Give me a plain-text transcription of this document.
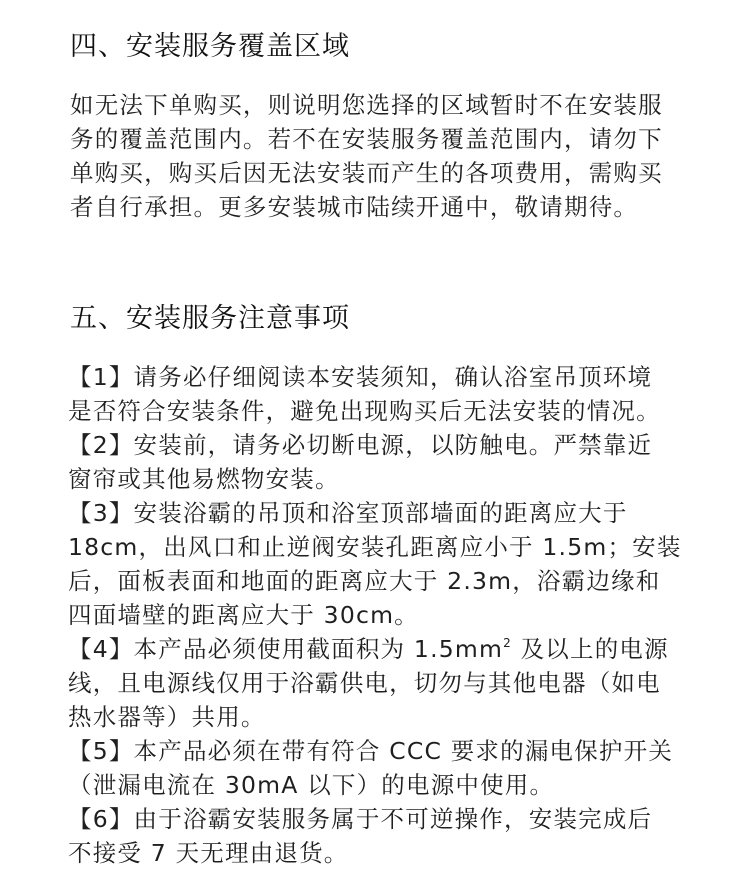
四、安装服务覆盖区域

如无法下单购买，则说明您选择的区域暂时不在安装服

务的覆盖范围内。若不在安装服务覆盖范围内，请勿下

单购买，购买后因无法安装而产生的各项费用，需购买

者自行承担。更多安装城市陆续开通中，敬请期待。

五、安装服务注意事项

【1】请务必仔细阅读本安装须知，确认浴室吊顶环境

是否符合安装条件，避免出现购买后无法安装的情况。

【2】安装前，请务必切断电源，以防触电。严禁靠近

窗帘或其他易燃物安装。

【3】安装浴霸的吊顶和浴室顶部墙面的距离应大于

18cm，出风口和止逆阀安装孔距离应小于 1.5m；安装

后，面板表面和地面的距离应大于 2.3m，浴霸边缘和

四面墙壁的距离应大于 30cm。

【4】本产品必须使用截面积为 $1.5mm^2$ 及以上的电源

线，且电源线仅用于浴霸供电，切勿与其他电器（如电

热水器等）共用。

【5】本产品必须在带有符合 CCC 要求的漏电保护开关

（泄漏电流在 30mA 以下）的电源中使用。

【6】由于浴霸安装服务属于不可逆操作，安装完成后

不接受 7 天无理由退货。
